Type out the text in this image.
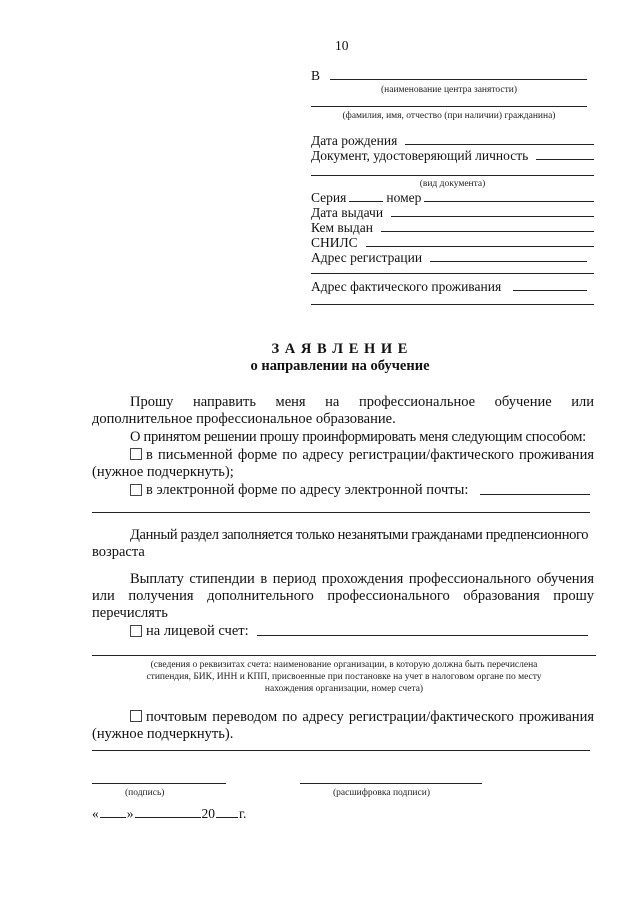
10
В
(наименование центра занятости)
(фамилия, имя, отчество (при наличии) гражданина)
Дата рождения
Документ, удостоверяющий личность
(вид документа)
Серия	номер
Дата выдачи
Кем выдан
СНИЛС
Адрес регистрации
Адрес фактического проживания
З А Я В Л Е Н И Е
о направлении на обучение
Прошу направить меня на профессиональное обучение или
дополнительное профессиональное образование.
О принятом решении прошу проинформировать меня следующим способом:
в письменной форме по адресу регистрации/фактического проживания
(нужное подчеркнуть);
в электронной форме по адресу электронной почты:
Данный раздел заполняется только незанятыми гражданами предпенсионного
возраста
Выплату стипендии в период прохождения профессионального обучения
или получения дополнительного профессионального образования прошу
перечислять
на лицевой счет:
(сведения о реквизитах счета: наименование организации, в которую должна быть перечислена
стипендия, БИК, ИНН и КПП, присвоенные при постановке на учет в налоговом органе по месту
нахождения организации, номер счета)
почтовым переводом по адресу регистрации/фактического проживания
(нужное подчеркнуть).
(подпись)	(расшифровка подписи)
« »	20 г.
